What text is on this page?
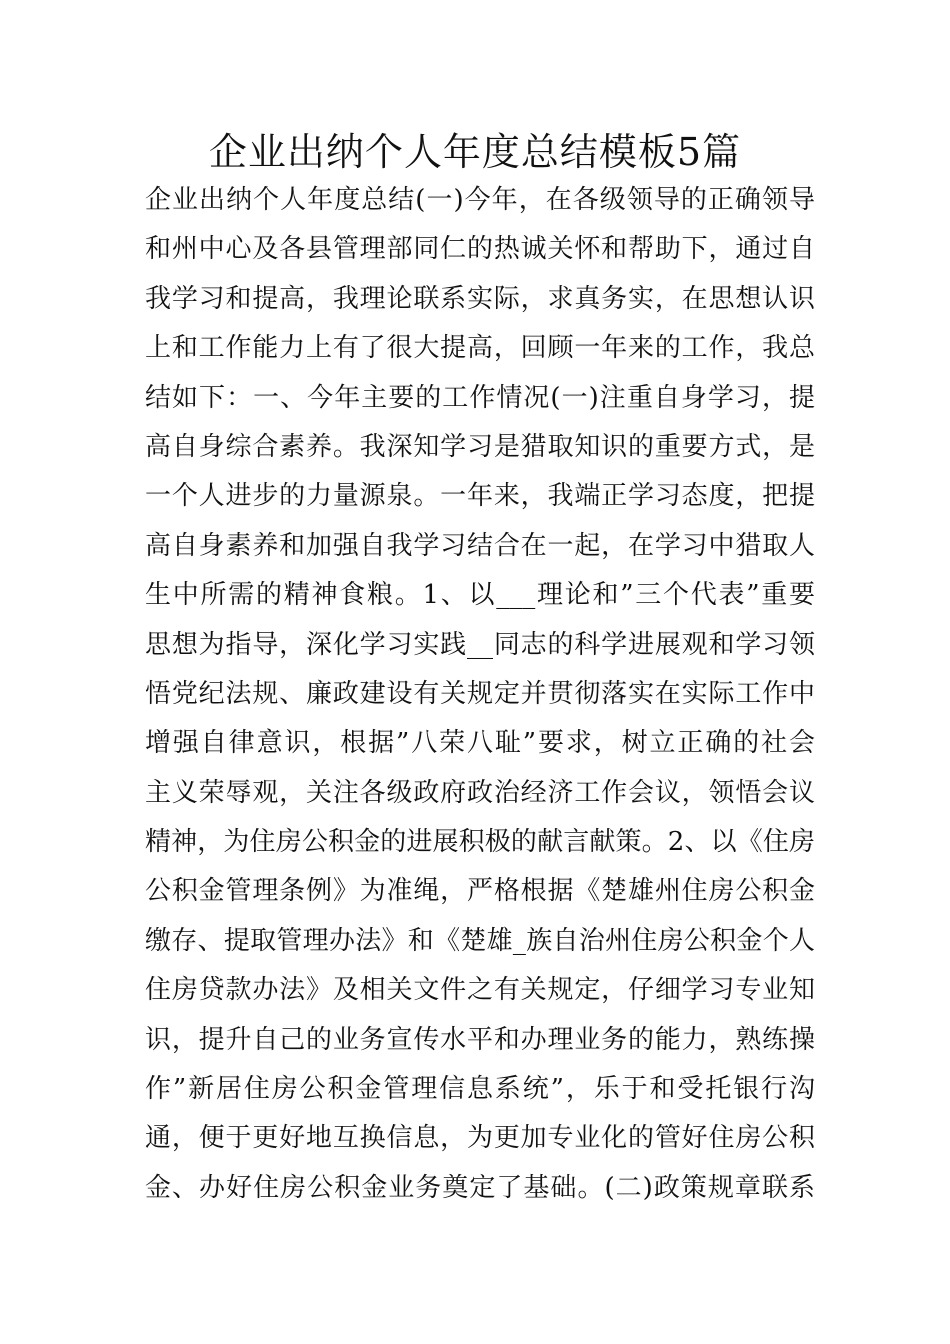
企业出纳个人年度总结模板5篇
企业出纳个人年度总结(一)今年，在各级领导的正确领导
和州中心及各县管理部同仁的热诚关怀和帮助下，通过自
我学习和提高，我理论联系实际，求真务实，在思想认识
上和工作能力上有了很大提高，回顾一年来的工作，我总
结如下：一、今年主要的工作情况(一)注重自身学习，提
高自身综合素养。我深知学习是猎取知识的重要方式，是
一个人进步的力量源泉。一年来，我端正学习态度，把提
高自身素养和加强自我学习结合在一起，在学习中猎取人
生中所需的精神食粮。1、以___理论和”三个代表”重要
思想为指导，深化学习实践__同志的科学进展观和学习领
悟党纪法规、廉政建设有关规定并贯彻落实在实际工作中
增强自律意识，根据”八荣八耻”要求，树立正确的社会
主义荣辱观，关注各级政府政治经济工作会议，领悟会议
精神，为住房公积金的进展积极的献言献策。2、以《住房
公积金管理条例》为准绳，严格根据《楚雄州住房公积金
缴存、提取管理办法》和《楚雄_族自治州住房公积金个人
住房贷款办法》及相关文件之有关规定，仔细学习专业知
识，提升自己的业务宣传水平和办理业务的能力，熟练操
作”新居住房公积金管理信息系统”，乐于和受托银行沟
通，便于更好地互换信息，为更加专业化的管好住房公积
金、办好住房公积金业务奠定了基础。(二)政策规章联系
